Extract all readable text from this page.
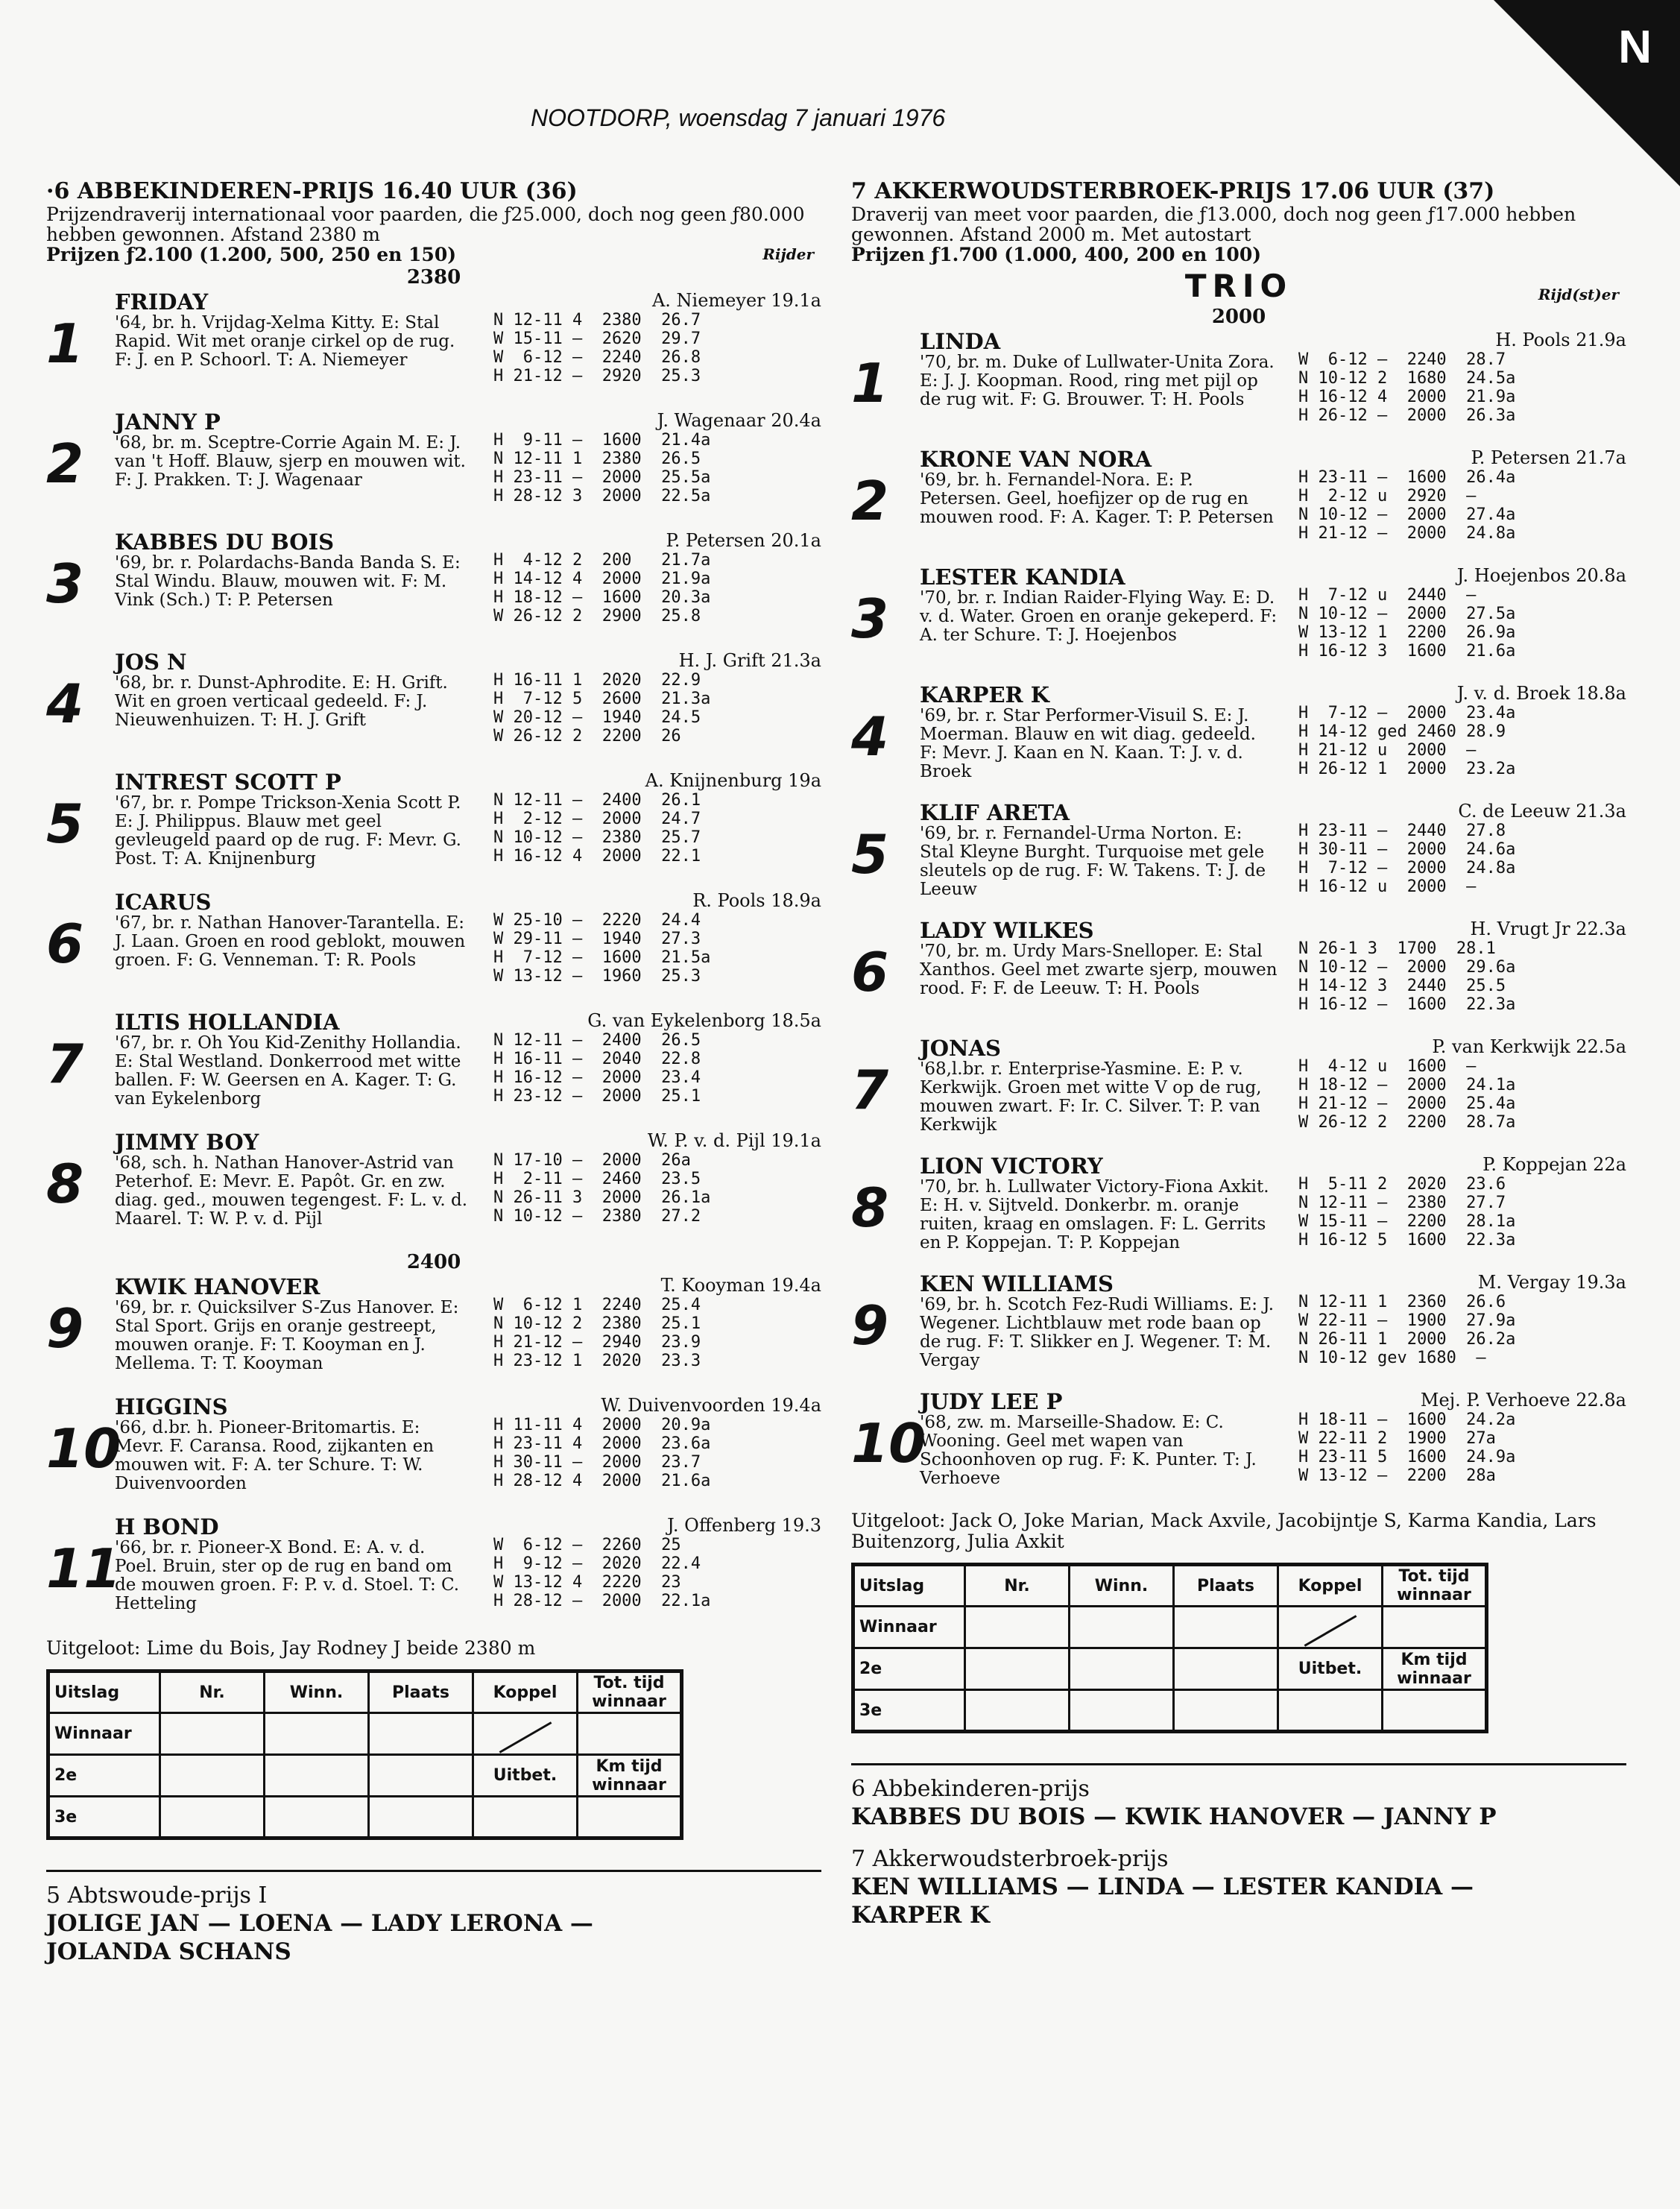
N
NOOTDORP, woensdag 7 januari 1976
·6 ABBEKINDEREN-PRIJS 16.40 UUR (36)
Prijzendraverij internationaal voor paarden, die ƒ25.000, doch nog geen ƒ80.000 hebben gewonnen. Afstand 2380 m
Prijzen ƒ2.100 (1.200, 500, 250 en 150)	Rijder
2380
1
FRIDAY	A. Niemeyer 19.1a
'64, br. h. Vrijdag-Xelma Kitty. E: Stal Rapid. Wit met oranje cirkel op de rug. F: J. en P. Schoorl. T: A. Niemeyer
N 12-11 4  2380  26.7
W 15-11 —  2620  29.7
W  6-12 —  2240  26.8
H 21-12 —  2920  25.3
2
JANNY P	J. Wagenaar 20.4a
'68, br. m. Sceptre-Corrie Again M. E: J. van 't Hoff. Blauw, sjerp en mouwen wit. F: J. Prakken. T: J. Wagenaar
H  9-11 —  1600  21.4a
N 12-11 1  2380  26.5
H 23-11 —  2000  25.5a
H 28-12 3  2000  22.5a
3
KABBES DU BOIS	P. Petersen 20.1a
'69, br. r. Polardachs-Banda Banda S. E: Stal Windu. Blauw, mouwen wit. F: M. Vink (Sch.) T: P. Petersen
H  4-12 2  200   21.7a
H 14-12 4  2000  21.9a
H 18-12 —  1600  20.3a
W 26-12 2  2900  25.8
4
JOS N	H. J. Grift 21.3a
'68, br. r. Dunst-Aphrodite. E: H. Grift. Wit en groen verticaal gedeeld. F: J. Nieuwenhuizen. T: H. J. Grift
H 16-11 1  2020  22.9
H  7-12 5  2600  21.3a
W 20-12 —  1940  24.5
W 26-12 2  2200  26
5
INTREST SCOTT P	A. Knijnenburg 19a
'67, br. r. Pompe Trickson-Xenia Scott P. E: J. Philippus. Blauw met geel gevleugeld paard op de rug. F: Mevr. G. Post. T: A. Knijnenburg
N 12-11 —  2400  26.1
H  2-12 —  2000  24.7
N 10-12 —  2380  25.7
H 16-12 4  2000  22.1
6
ICARUS	R. Pools 18.9a
'67, br. r. Nathan Hanover-Tarantella. E: J. Laan. Groen en rood geblokt, mouwen groen. F: G. Venneman. T: R. Pools
W 25-10 —  2220  24.4
W 29-11 —  1940  27.3
H  7-12 —  1600  21.5a
W 13-12 —  1960  25.3
7
ILTIS HOLLANDIA	G. van Eykelenborg 18.5a
'67, br. r. Oh You Kid-Zenithy Hollandia. E: Stal Westland. Donkerrood met witte ballen. F: W. Geersen en A. Kager. T: G. van Eykelenborg
N 12-11 —  2400  26.5
H 16-11 —  2040  22.8
H 16-12 —  2000  23.4
H 23-12 —  2000  25.1
8
JIMMY BOY	W. P. v. d. Pijl 19.1a
'68, sch. h. Nathan Hanover-Astrid van Peterhof. E: Mevr. E. Papôt. Gr. en zw. diag. ged., mouwen tegengest. F: L. v. d. Maarel. T: W. P. v. d. Pijl
N 17-10 —  2000  26a
H  2-11 —  2460  23.5
N 26-11 3  2000  26.1a
N 10-12 —  2380  27.2
2400
9
KWIK HANOVER	T. Kooyman 19.4a
'69, br. r. Quicksilver S-Zus Hanover. E: Stal Sport. Grijs en oranje gestreept, mouwen oranje. F: T. Kooyman en J. Mellema. T: T. Kooyman
W  6-12 1  2240  25.4
N 10-12 2  2380  25.1
H 21-12 —  2940  23.9
H 23-12 1  2020  23.3
10
HIGGINS	W. Duivenvoorden 19.4a
'66, d.br. h. Pioneer-Britomartis. E: Mevr. F. Caransa. Rood, zijkanten en mouwen wit. F: A. ter Schure. T: W. Duivenvoorden
H 11-11 4  2000  20.9a
H 23-11 4  2000  23.6a
H 30-11 —  2000  23.7
H 28-12 4  2000  21.6a
11
H BOND	J. Offenberg 19.3
'66, br. r. Pioneer-X Bond. E: A. v. d. Poel. Bruin, ster op de rug en band om de mouwen groen. F: P. v. d. Stoel. T: C. Hetteling
W  6-12 —  2260  25
H  9-12 —  2020  22.4
W 13-12 4  2220  23
H 28-12 —  2000  22.1a
Uitgeloot: Lime du Bois, Jay Rodney J beide 2380 m
Uitslag	Nr.	Winn.	Plaats	Koppel	Tot. tijd winnaar
Winnaar					
2e				Uitbet.	Km tijd winnaar
3e					
5 Abtswoude-prijs I
JOLIGE JAN — LOENA — LADY LERONA —
JOLANDA SCHANS
7 AKKERWOUDSTERBROEK-PRIJS 17.06 UUR (37)
Draverij van meet voor paarden, die ƒ13.000, doch nog geen ƒ17.000 hebben gewonnen. Afstand 2000 m. Met autostart
Prijzen ƒ1.700 (1.000, 400, 200 en 100)
Rijd(st)er
TRIO
2000
1
LINDA	H. Pools 21.9a
'70, br. m. Duke of Lullwater-Unita Zora. E: J. J. Koopman. Rood, ring met pijl op de rug wit. F: G. Brouwer. T: H. Pools
W  6-12 —  2240  28.7
N 10-12 2  1680  24.5a
H 16-12 4  2000  21.9a
H 26-12 —  2000  26.3a
2
KRONE VAN NORA	P. Petersen 21.7a
'69, br. h. Fernandel-Nora. E: P. Petersen. Geel, hoefijzer op de rug en mouwen rood. F: A. Kager. T: P. Petersen
H 23-11 —  1600  26.4a
H  2-12 u  2920  —
N 10-12 —  2000  27.4a
H 21-12 —  2000  24.8a
3
LESTER KANDIA	J. Hoejenbos 20.8a
'70, br. r. Indian Raider-Flying Way. E: D. v. d. Water. Groen en oranje gekeperd. F: A. ter Schure. T: J. Hoejenbos
H  7-12 u  2440  —
N 10-12 —  2000  27.5a
W 13-12 1  2200  26.9a
H 16-12 3  1600  21.6a
4
KARPER K	J. v. d. Broek 18.8a
'69, br. r. Star Performer-Visuil S. E: J. Moerman. Blauw en wit diag. gedeeld. F: Mevr. J. Kaan en N. Kaan. T: J. v. d. Broek
H  7-12 —  2000  23.4a
H 14-12 ged 2460 28.9
H 21-12 u  2000  —
H 26-12 1  2000  23.2a
5
KLIF ARETA	C. de Leeuw 21.3a
'69, br. r. Fernandel-Urma Norton. E: Stal Kleyne Burght. Turquoise met gele sleutels op de rug. F: W. Takens. T: J. de Leeuw
H 23-11 —  2440  27.8
H 30-11 —  2000  24.6a
H  7-12 —  2000  24.8a
H 16-12 u  2000  —
6
LADY WILKES	H. Vrugt Jr 22.3a
'70, br. m. Urdy Mars-Snelloper. E: Stal Xanthos. Geel met zwarte sjerp, mouwen rood. F: F. de Leeuw. T: H. Pools
N 26-1 3  1700  28.1
N 10-12 —  2000  29.6a
H 14-12 3  2440  25.5
H 16-12 —  1600  22.3a
7
JONAS	P. van Kerkwijk 22.5a
'68,l.br. r. Enterprise-Yasmine. E: P. v. Kerkwijk. Groen met witte V op de rug, mouwen zwart. F: Ir. C. Silver. T: P. van Kerkwijk
H  4-12 u  1600  —
H 18-12 —  2000  24.1a
H 21-12 —  2000  25.4a
W 26-12 2  2200  28.7a
8
LION VICTORY	P. Koppejan 22a
'70, br. h. Lullwater Victory-Fiona Axkit. E: H. v. Sijtveld. Donkerbr. m. oranje ruiten, kraag en omslagen. F: L. Gerrits en P. Koppejan. T: P. Koppejan
H  5-11 2  2020  23.6
N 12-11 —  2380  27.7
W 15-11 —  2200  28.1a
H 16-12 5  1600  22.3a
9
KEN WILLIAMS	M. Vergay 19.3a
'69, br. h. Scotch Fez-Rudi Williams. E: J. Wegener. Lichtblauw met rode baan op de rug. F: T. Slikker en J. Wegener. T: M. Vergay
N 12-11 1  2360  26.6
W 22-11 —  1900  27.9a
N 26-11 1  2000  26.2a
N 10-12 gev 1680  —
10
JUDY LEE P	Mej. P. Verhoeve 22.8a
'68, zw. m. Marseille-Shadow. E: C. Wooning. Geel met wapen van Schoonhoven op rug. F: K. Punter. T: J. Verhoeve
H 18-11 —  1600  24.2a
W 22-11 2  1900  27a
H 23-11 5  1600  24.9a
W 13-12 —  2200  28a
Uitgeloot: Jack O, Joke Marian, Mack Axvile, Jacobijntje S, Karma Kandia, Lars Buitenzorg, Julia Axkit
Uitslag	Nr.	Winn.	Plaats	Koppel	Tot. tijd winnaar
Winnaar					
2e				Uitbet.	Km tijd winnaar
3e					
6 Abbekinderen-prijs
KABBES DU BOIS — KWIK HANOVER — JANNY P
7 Akkerwoudsterbroek-prijs
KEN WILLIAMS — LINDA — LESTER KANDIA —
KARPER K
